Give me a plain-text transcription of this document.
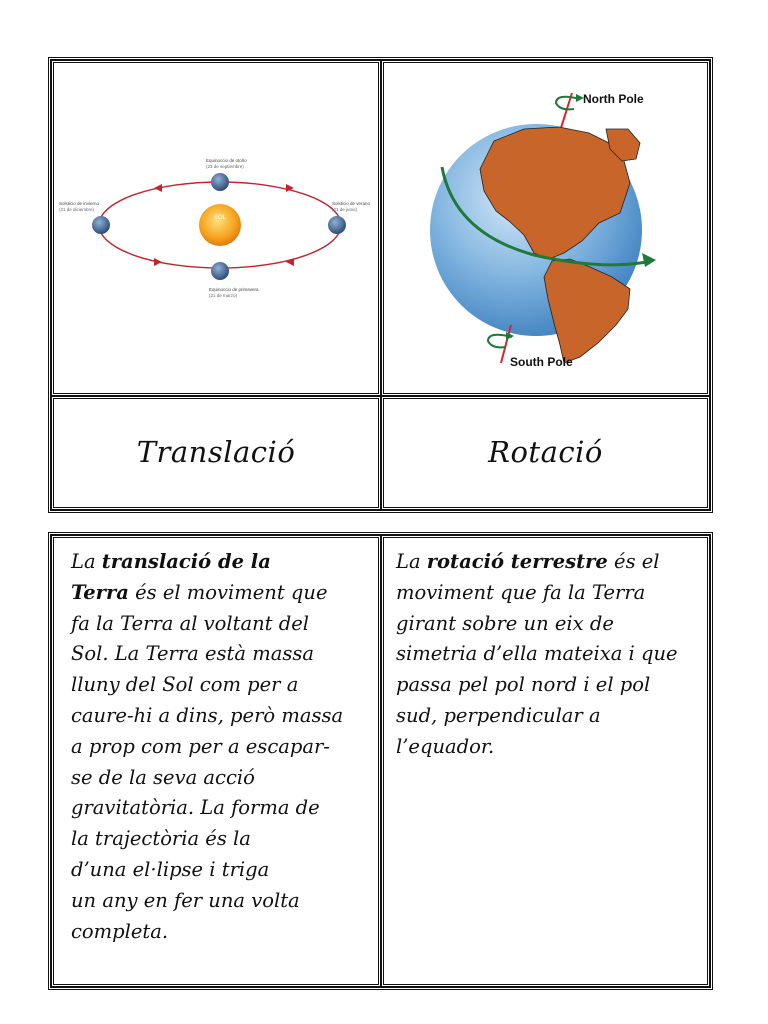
SOL
Equinoccio de otoño
(23 de septiembre)
Solsticio de verano
(21 de junio)
Equinoccio de primavera
(21 de marzo)
Solsticio de invierno
(21 de diciembre)
North Pole
South Pole
Translació	Rotació
La translació de la
Terra és el moviment que
fa la Terra al voltant del
Sol. La Terra està massa
lluny del Sol com per a
caure-hi a dins, però massa
a prop com per a escapar-
se de la seva acció
gravitatòria. La forma de
la trajectòria és la
d’una el·lipse i triga
un any en fer una volta
completa.
La rotació terrestre és el
moviment que fa la Terra
girant sobre un eix de
simetria d’ella mateixa i que
passa pel pol nord i el pol
sud, perpendicular a
l’equador.
